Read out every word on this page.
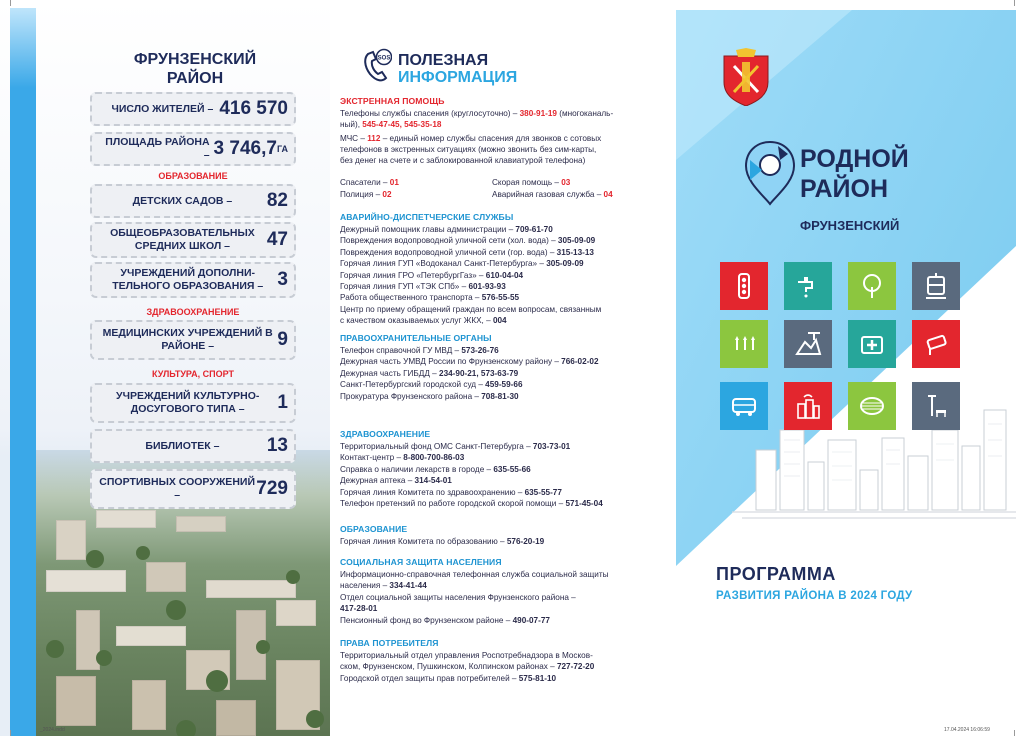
ФРУНЗЕНСКИЙ
РАЙОН
ЧИСЛО ЖИТЕЛЕЙ – 416 570
ПЛОЩАДЬ РАЙОНА – 3 746,7 ГА
ОБРАЗОВАНИЕ
ДЕТСКИХ САДОВ –	82
ОБЩЕОБРАЗОВАТЕЛЬНЫХ СРЕДНИХ ШКОЛ –	47
УЧРЕЖДЕНИЙ ДОПОЛНИ-ТЕЛЬНОГО ОБРАЗОВАНИЯ – 3
ЗДРАВООХРАНЕНИЕ
МЕДИЦИНСКИХ УЧРЕЖДЕНИЙ В РАЙОНЕ –	9
КУЛЬТУРА, СПОРТ
УЧРЕЖДЕНИЙ КУЛЬТУРНО-ДОСУГОВОГО ТИПА –	1
БИБЛИОТЕК –	13
СПОРТИВНЫХ СООРУЖЕНИЙ –	729
SOS ПОЛЕЗНАЯ
ИНФОРМАЦИЯ
ЭКСТРЕННАЯ ПОМОЩЬ
Телефоны службы спасения (круглосуточно) – 380-91-19 (многоканаль-
ный), 545-47-45, 545-35-18
МЧС – 112 – единый номер службы спасения для звонков с сотовых
телефонов в экстренных ситуациях (можно звонить без сим-карты,
без денег на счете и с заблокированной клавиатурой телефона)
Спасатели – 01	Скорая помощь – 03
Полиция – 02	Аварийная газовая служба – 04
АВАРИЙНО-ДИСПЕТЧЕРСКИЕ СЛУЖБЫ
Дежурный помощник главы администрации – 709-61-70
Повреждения водопроводной уличной сети (хол. вода) – 305-09-09
Повреждения водопроводной уличной сети (гор. вода) – 315-13-13
Горячая линия ГУП «Водоканал Санкт-Петербурга» – 305-09-09
Горячая линия ГРО «ПетербургГаз» – 610-04-04
Горячая линия ГУП «ТЭК СПб» – 601-93-93
Работа общественного транспорта – 576-55-55
Центр по приему обращений граждан по всем вопросам, связанным
с качеством оказываемых услуг ЖКХ, – 004
ПРАВООХРАНИТЕЛЬНЫЕ ОРГАНЫ
Телефон справочной ГУ МВД – 573-26-76
Дежурная часть УМВД России по Фрунзенскому району – 766-02-02
Дежурная часть ГИБДД – 234-90-21, 573-63-79
Санкт-Петербургский городской суд – 459-59-66
Прокуратура Фрунзенского района – 708-81-30
ЗДРАВООХРАНЕНИЕ
Территориальный фонд ОМС Санкт-Петербурга – 703-73-01
Контакт-центр – 8-800-700-86-03
Справка о наличии лекарств в городе – 635-55-66
Дежурная аптека – 314-54-01
Горячая линия Комитета по здравоохранению – 635-55-77
Телефон претензий по работе городской скорой помощи – 571-45-04
ОБРАЗОВАНИЕ
Горячая линия Комитета по образованию – 576-20-19
СОЦИАЛЬНАЯ ЗАЩИТА НАСЕЛЕНИЯ
Информационно-справочная телефонная служба социальной защиты
населения – 334-41-44
Отдел социальной защиты населения Фрунзенского района –
417-28-01
Пенсионный фонд во Фрунзенском районе – 490-07-77
ПРАВА ПОТРЕБИТЕЛЯ
Территориальный отдел управления Роспотребнадзора в Москов-
ском, Фрунзенском, Пушкинском, Колпинском районах – 727-72-20
Городской отдел защиты прав потребителей – 575-81-10
РОДНОЙ
РАЙОН
ФРУНЗЕНСКИЙ
ПРОГРАММА
РАЗВИТИЯ РАЙОНА В 2024 ГОДУ
_2024.indd	17.04.2024 16:06:59
